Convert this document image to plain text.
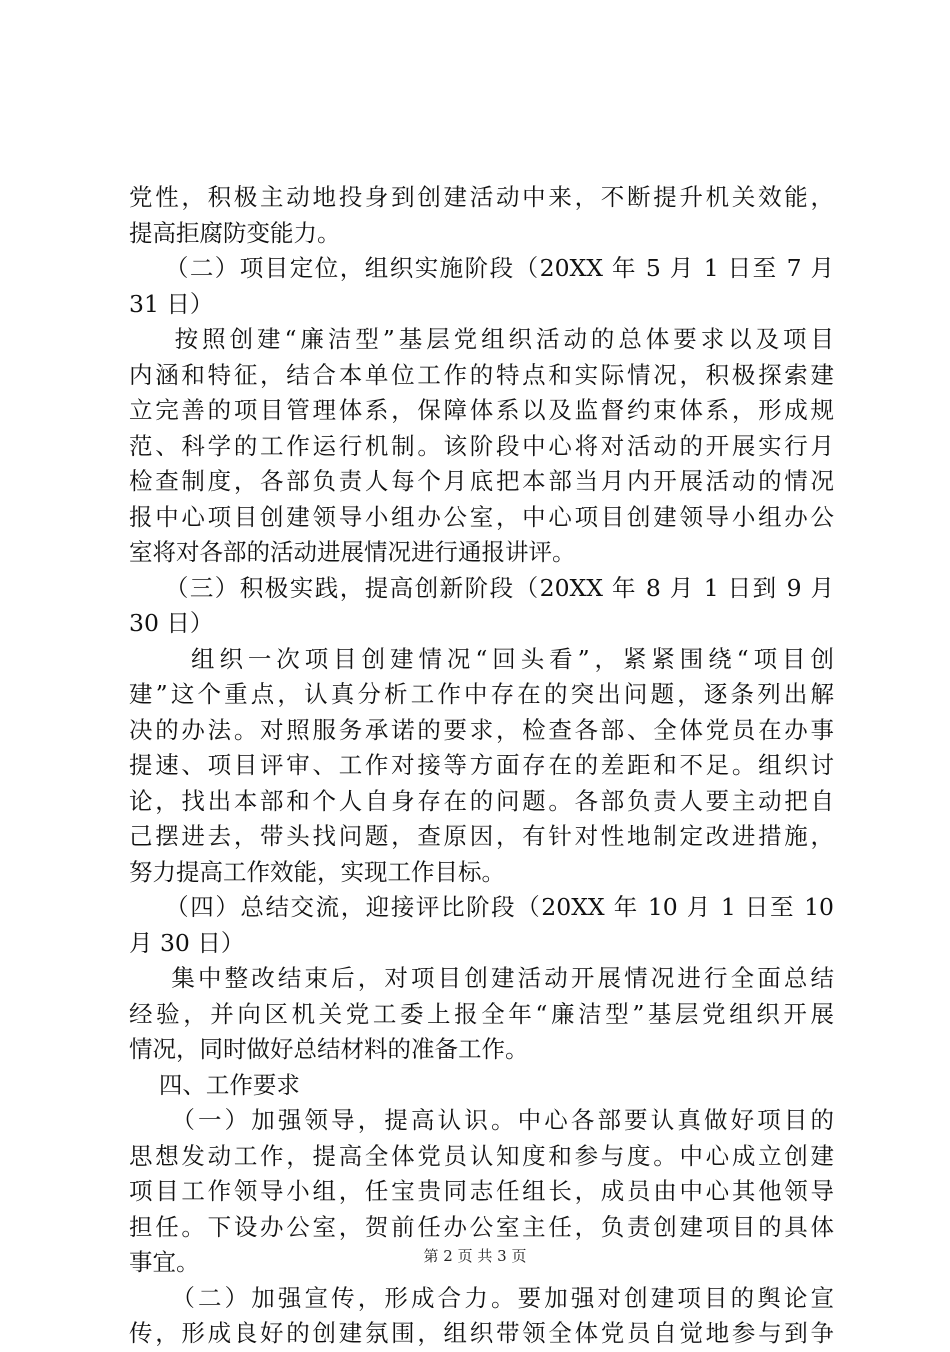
党性，积极主动地投身到创建活动中来，不断提升机关效能，
提高拒腐防变能力。
（二）项目定位，组织实施阶段（20XX 年 5 月 1 日至 7 月
31 日）
按照创建“廉洁型”基层党组织活动的总体要求以及项目
内涵和特征，结合本单位工作的特点和实际情况，积极探索建
立完善的项目管理体系，保障体系以及监督约束体系，形成规
范、科学的工作运行机制。该阶段中心将对活动的开展实行月
检查制度，各部负责人每个月底把本部当月内开展活动的情况
报中心项目创建领导小组办公室，中心项目创建领导小组办公
室将对各部的活动进展情况进行通报讲评。
（三）积极实践，提高创新阶段（20XX 年 8 月 1 日到 9 月
30 日）
组织一次项目创建情况“回头看”，紧紧围绕“项目创
建”这个重点，认真分析工作中存在的突出问题，逐条列出解
决的办法。对照服务承诺的要求，检查各部、全体党员在办事
提速、项目评审、工作对接等方面存在的差距和不足。组织讨
论，找出本部和个人自身存在的问题。各部负责人要主动把自
己摆进去，带头找问题，查原因，有针对性地制定改进措施，
努力提高工作效能，实现工作目标。
（四）总结交流，迎接评比阶段（20XX 年 10 月 1 日至 10
月 30 日）
集中整改结束后，对项目创建活动开展情况进行全面总结
经验，并向区机关党工委上报全年“廉洁型”基层党组织开展
情况，同时做好总结材料的准备工作。
四、工作要求
（一）加强领导，提高认识。中心各部要认真做好项目的
思想发动工作，提高全体党员认知度和参与度。中心成立创建
项目工作领导小组，任宝贵同志任组长，成员由中心其他领导
担任。下设办公室，贺前任办公室主任，负责创建项目的具体
事宜。
（二）加强宣传，形成合力。要加强对创建项目的舆论宣
传，形成良好的创建氛围，组织带领全体党员自觉地参与到争
第 2 页 共 3 页
